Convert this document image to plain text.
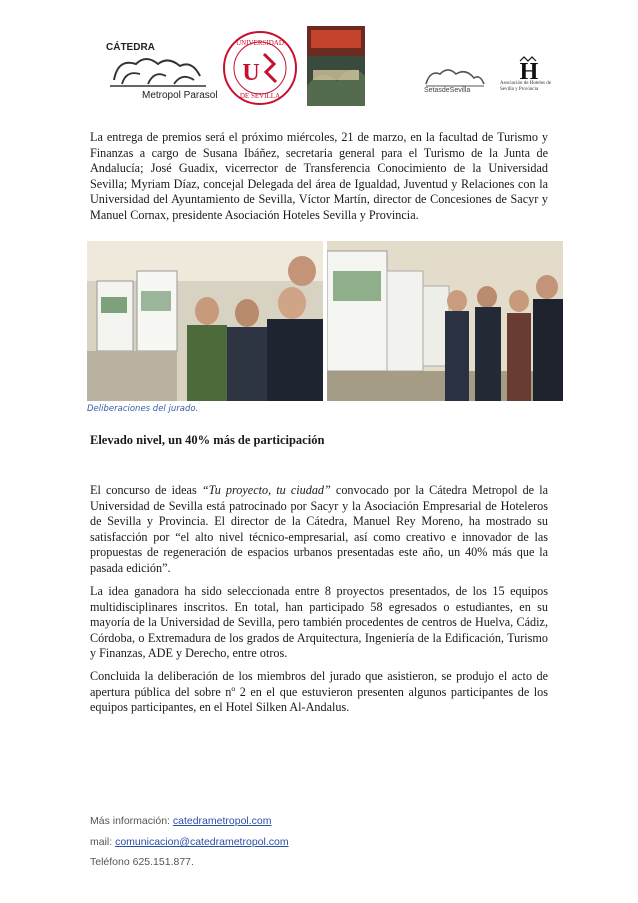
CÁTEDRA
Metropol Parasol
UNIVERSIDAD
DE SEVILLA
U
SetasdeSevilla
H
Asociación de Hoteles de Sevilla y Provincia

La entrega de premios será el próximo miércoles, 21 de marzo, en la facultad de Turismo y Finanzas a cargo de Susana Ibáñez, secretaria general para el Turismo de la Junta de Andalucía; José Guadix, vicerrector de Transferencia Conocimiento de la Universidad Sevilla; Myriam Díaz, concejal Delegada del área de Igualdad, Juventud y Relaciones con la Universidad del Ayuntamiento de Sevilla, Víctor Martín, director de Concesiones de Sacyr y Manuel Cornax, presidente Asociación Hoteles Sevilla y Provincia.

Deliberaciones del jurado.
Elevado nivel, un 40% más de participación

El concurso de ideas “Tu proyecto, tu ciudad” convocado por la Cátedra Metropol de la Universidad de Sevilla está patrocinado por Sacyr y la Asociación Empresarial de Hoteleros de Sevilla y Provincia. El director de la Cátedra, Manuel Rey Moreno, ha mostrado su satisfacción por “el alto nivel técnico-empresarial, así como creativo e innovador de las propuestas de regeneración de espacios urbanos presentadas este año, un 40% más que la pasada edición”.

La idea ganadora ha sido seleccionada entre 8 proyectos presentados, de los 15 equipos multidisciplinares inscritos. En total, han participado 58 egresados o estudiantes, en su mayoría de la Universidad de Sevilla, pero también procedentes de centros de Huelva, Cádiz, Córdoba, o Extremadura de los grados de Arquitectura, Ingeniería de la Edificación, Turismo y Finanzas, ADE y Derecho, entre otros.

Concluida la deliberación de los miembros del jurado que asistieron, se produjo el acto de apertura pública del sobre nº 2 en el que estuvieron presenten algunos participantes de los equipos participantes, en el Hotel Silken Al-Andalus.

Más información: catedrametropol.com
mail: comunicacion@catedrametropol.com
Teléfono 625.151.877.
